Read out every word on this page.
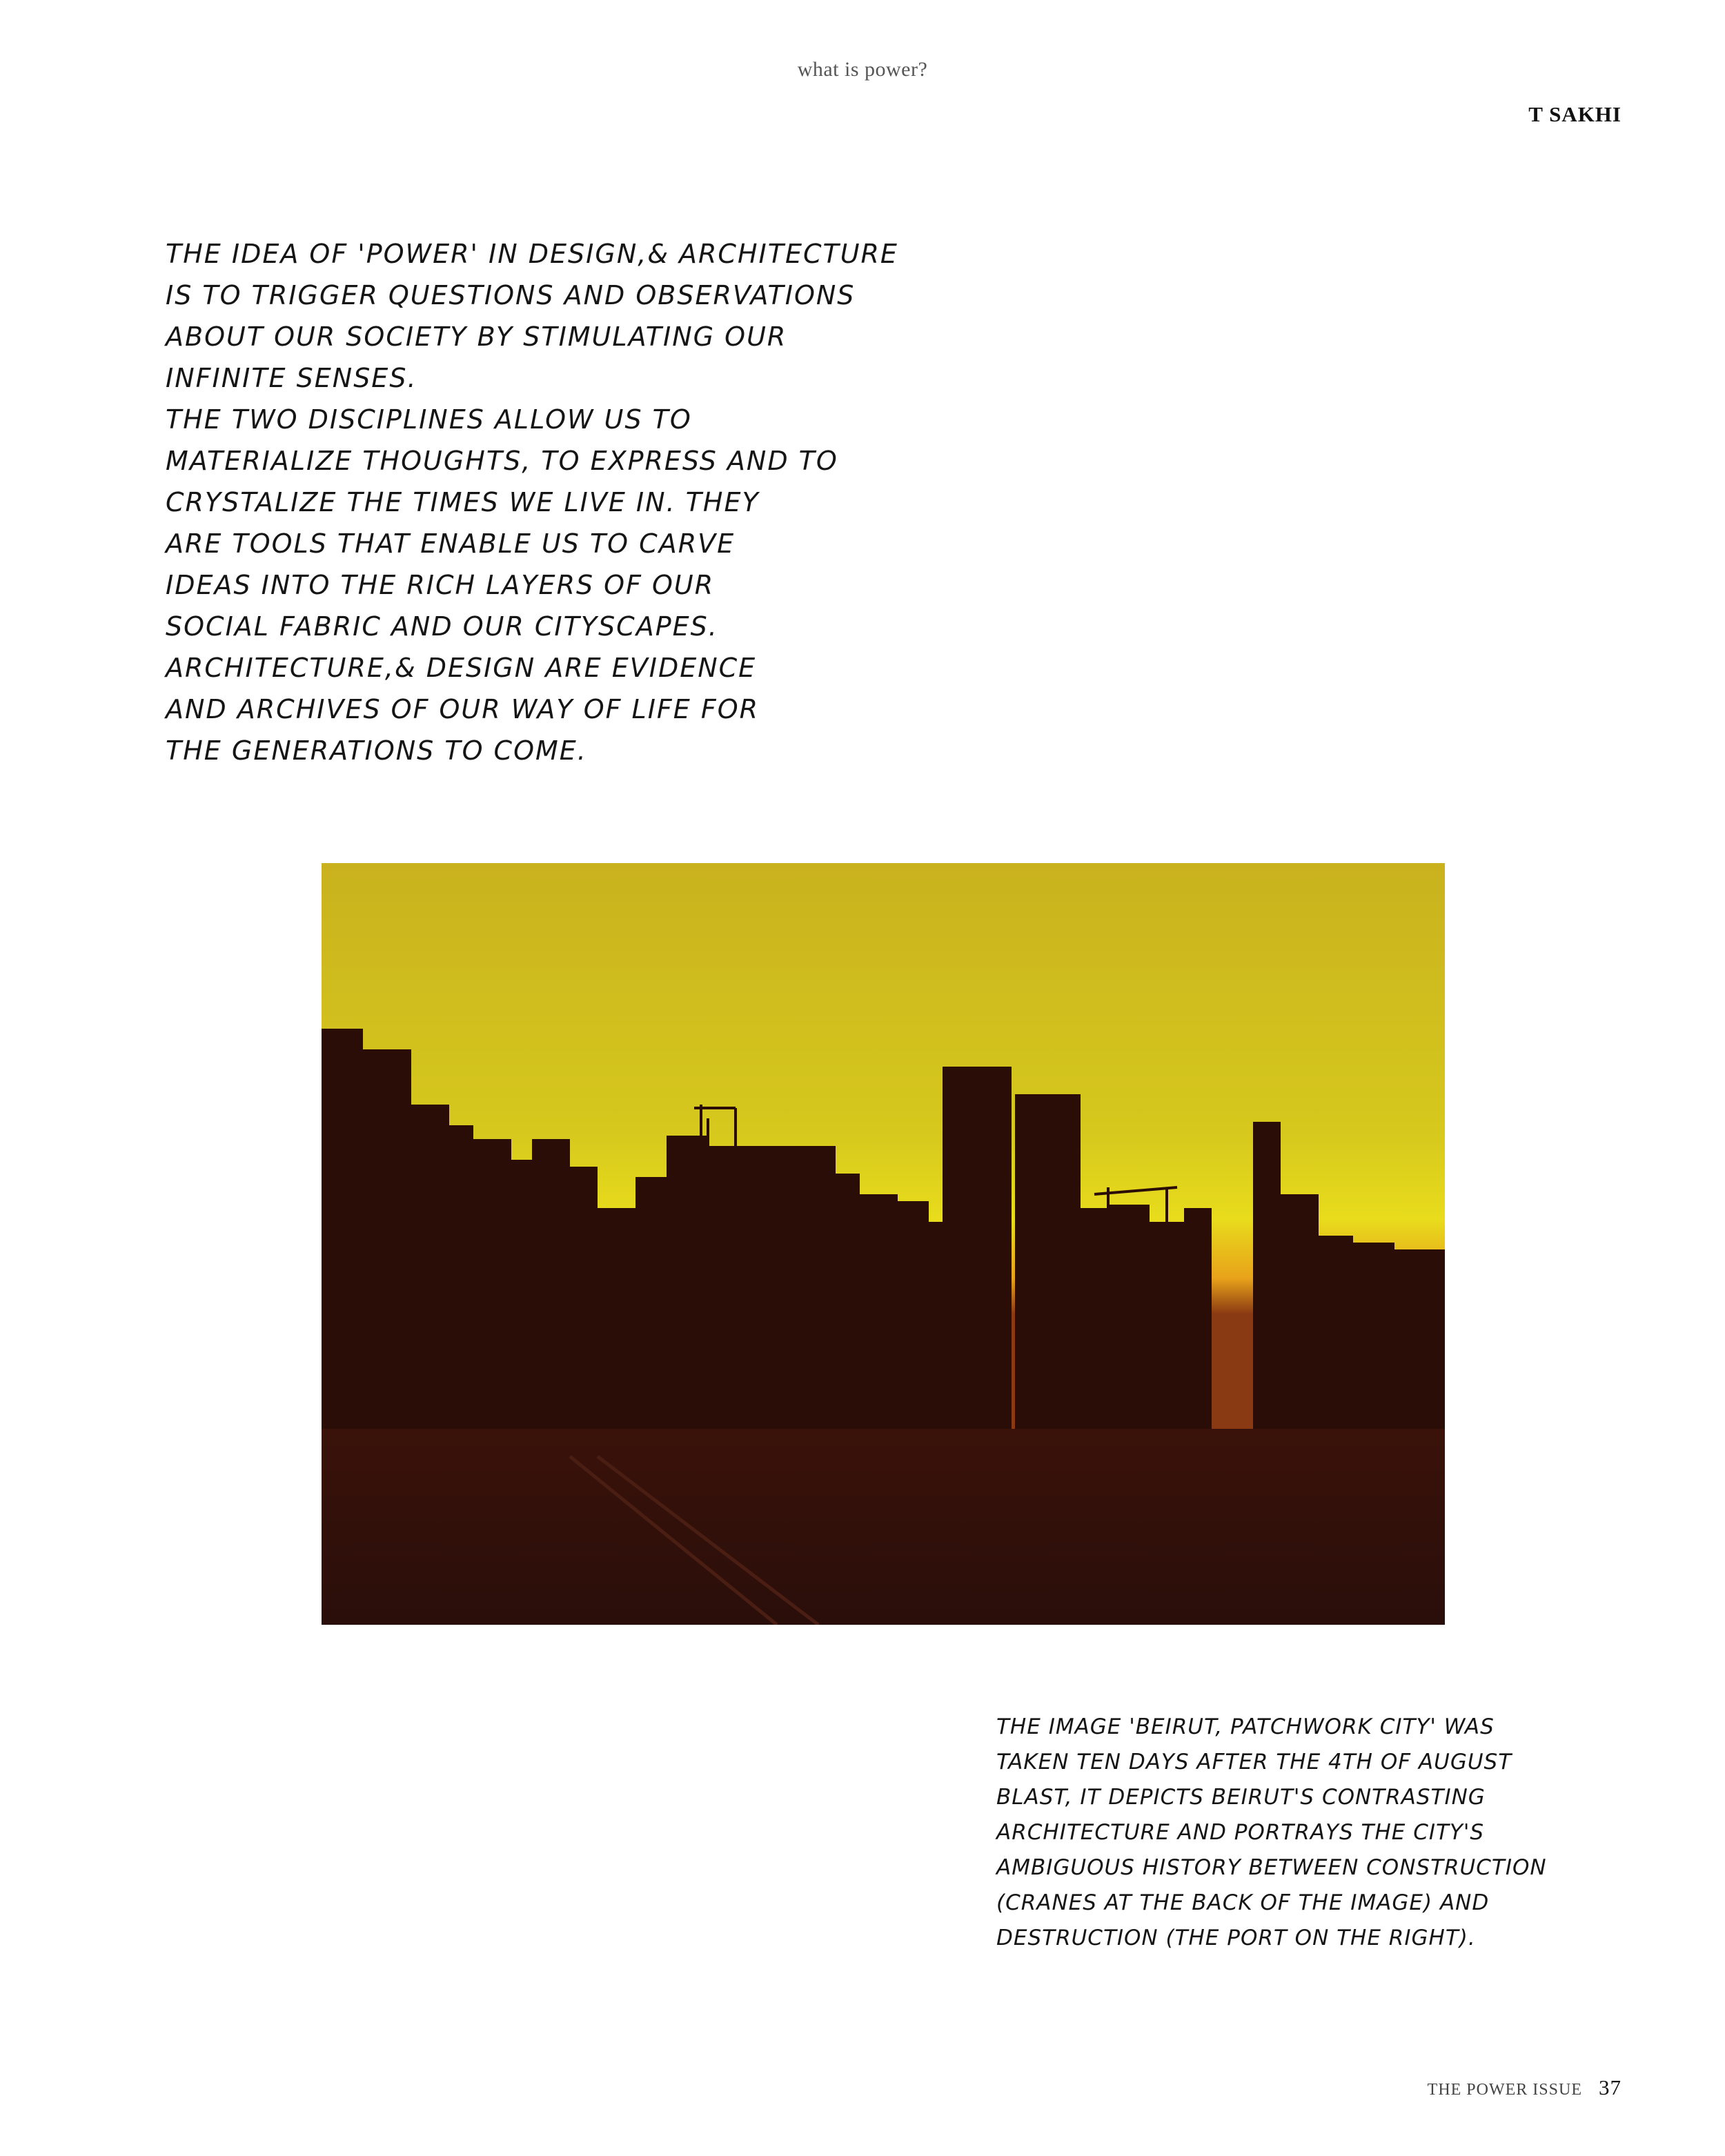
what is power?
T SAKHI
THE IDEA OF 'POWER' IN DESIGN,& ARCHITECTURE
IS TO TRIGGER QUESTIONS AND OBSERVATIONS
ABOUT OUR SOCIETY BY STIMULATING OUR
INFINITE SENSES.
THE TWO DISCIPLINES ALLOW US TO
MATERIALIZE THOUGHTS, TO EXPRESS AND TO
CRYSTALIZE THE TIMES WE LIVE IN. THEY
ARE TOOLS THAT ENABLE US TO CARVE
IDEAS INTO THE RICH LAYERS OF OUR
SOCIAL FABRIC AND OUR CITYSCAPES.
ARCHITECTURE,& DESIGN ARE EVIDENCE
AND ARCHIVES OF OUR WAY OF LIFE FOR
THE GENERATIONS TO COME.
THE IMAGE 'BEIRUT, PATCHWORK CITY' WAS
TAKEN TEN DAYS AFTER THE 4TH OF AUGUST
BLAST, IT DEPICTS BEIRUT'S CONTRASTING
ARCHITECTURE AND PORTRAYS THE CITY'S
AMBIGUOUS HISTORY BETWEEN CONSTRUCTION
(CRANES AT THE BACK OF THE IMAGE) AND
DESTRUCTION (THE PORT ON THE RIGHT).
THE POWER ISSUE 37
